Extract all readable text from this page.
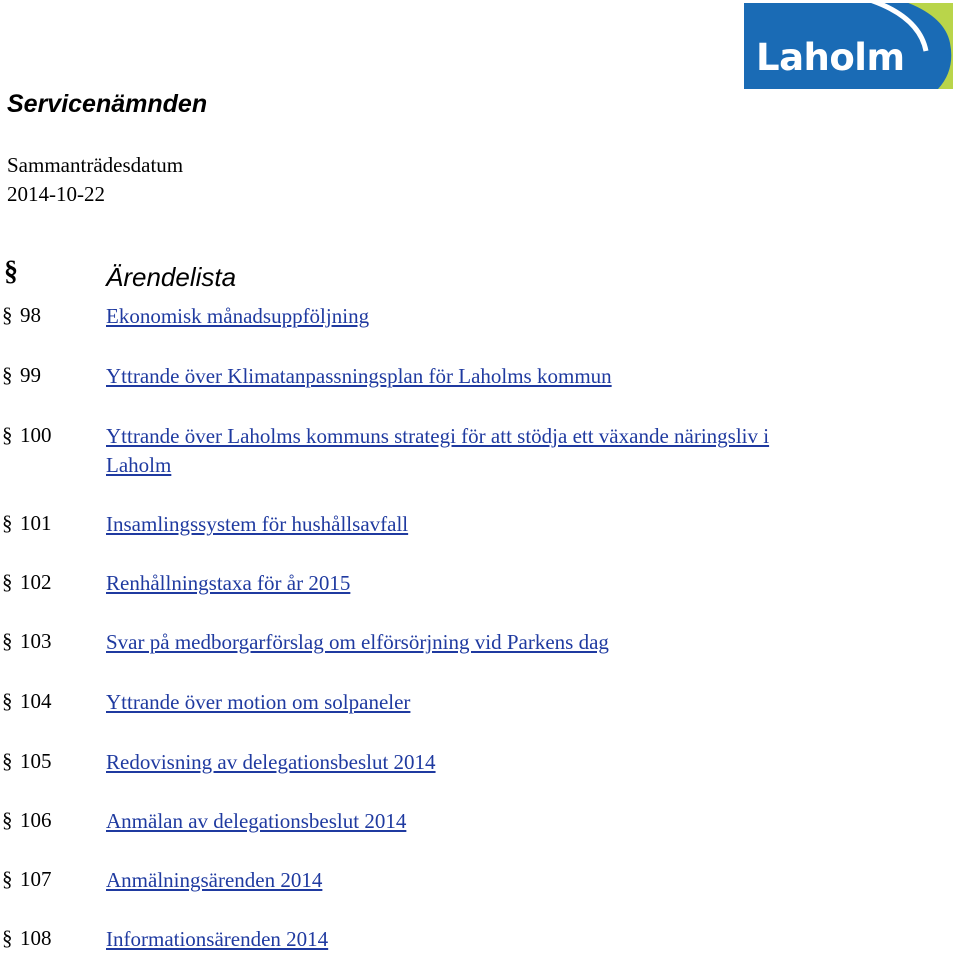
Laholm
Servicenämnden
Sammanträdesdatum
2014-10-22
§	Ärendelista
§ 98	Ekonomisk månadsuppföljning
§ 99	Yttrande över Klimatanpassningsplan för Laholms kommun
§ 100	Yttrande över Laholms kommuns strategi för att stödja ett växande näringsliv i Laholm
§ 101	Insamlingssystem för hushållsavfall
§ 102	Renhållningstaxa för år 2015
§ 103	Svar på medborgarförslag om elförsörjning vid Parkens dag
§ 104	Yttrande över motion om solpaneler
§ 105	Redovisning av delegationsbeslut 2014
§ 106	Anmälan av delegationsbeslut 2014
§ 107	Anmälningsärenden 2014
§ 108	Informationsärenden 2014
